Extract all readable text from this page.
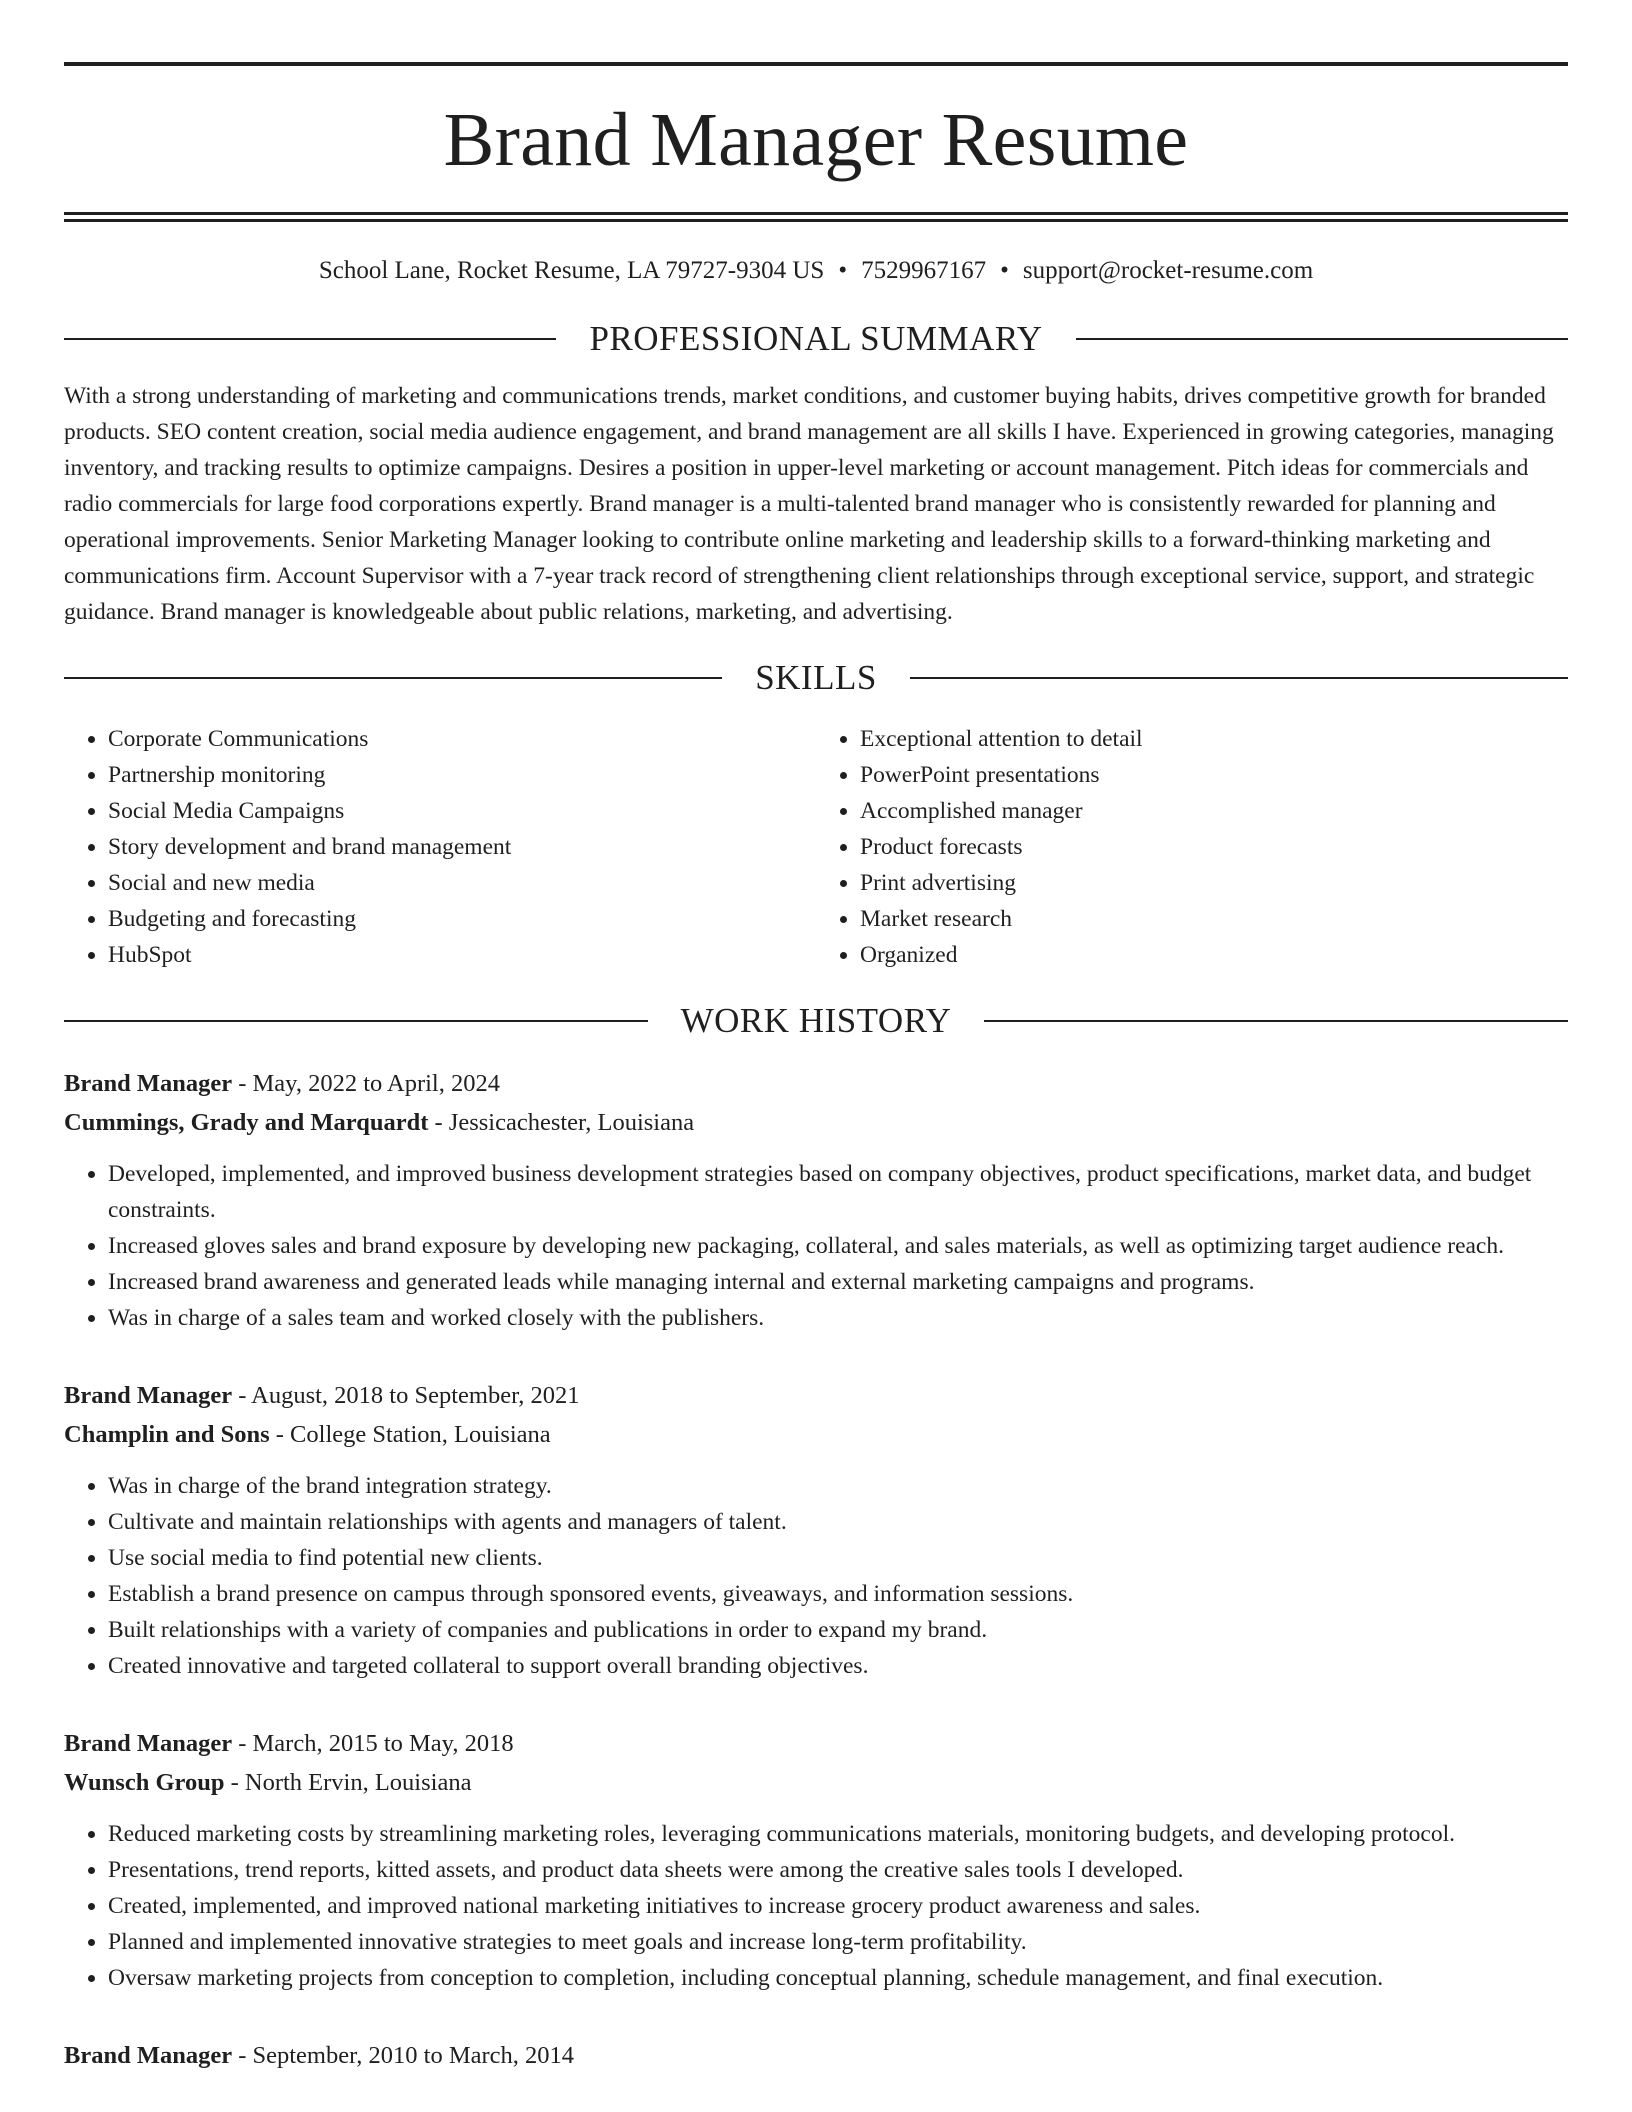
Brand Manager Resume
School Lane, Rocket Resume, LA 79727-9304 US • 7529967167 • support@rocket-resume.com
PROFESSIONAL SUMMARY
With a strong understanding of marketing and communications trends, market conditions, and customer buying habits, drives competitive growth for branded products. SEO content creation, social media audience engagement, and brand management are all skills I have. Experienced in growing categories, managing inventory, and tracking results to optimize campaigns. Desires a position in upper-level marketing or account management. Pitch ideas for commercials and radio commercials for large food corporations expertly. Brand manager is a multi-talented brand manager who is consistently rewarded for planning and operational improvements. Senior Marketing Manager looking to contribute online marketing and leadership skills to a forward-thinking marketing and communications firm. Account Supervisor with a 7-year track record of strengthening client relationships through exceptional service, support, and strategic guidance. Brand manager is knowledgeable about public relations, marketing, and advertising.
SKILLS
• Corporate Communications
• Partnership monitoring
• Social Media Campaigns
• Story development and brand management
• Social and new media
• Budgeting and forecasting
• HubSpot
• Exceptional attention to detail
• PowerPoint presentations
• Accomplished manager
• Product forecasts
• Print advertising
• Market research
• Organized
WORK HISTORY
Brand Manager - May, 2022 to April, 2024
Cummings, Grady and Marquardt - Jessicachester, Louisiana
• Developed, implemented, and improved business development strategies based on company objectives, product specifications, market data, and budget constraints.
• Increased gloves sales and brand exposure by developing new packaging, collateral, and sales materials, as well as optimizing target audience reach.
• Increased brand awareness and generated leads while managing internal and external marketing campaigns and programs.
• Was in charge of a sales team and worked closely with the publishers.
Brand Manager - August, 2018 to September, 2021
Champlin and Sons - College Station, Louisiana
• Was in charge of the brand integration strategy.
• Cultivate and maintain relationships with agents and managers of talent.
• Use social media to find potential new clients.
• Establish a brand presence on campus through sponsored events, giveaways, and information sessions.
• Built relationships with a variety of companies and publications in order to expand my brand.
• Created innovative and targeted collateral to support overall branding objectives.
Brand Manager - March, 2015 to May, 2018
Wunsch Group - North Ervin, Louisiana
• Reduced marketing costs by streamlining marketing roles, leveraging communications materials, monitoring budgets, and developing protocol.
• Presentations, trend reports, kitted assets, and product data sheets were among the creative sales tools I developed.
• Created, implemented, and improved national marketing initiatives to increase grocery product awareness and sales.
• Planned and implemented innovative strategies to meet goals and increase long-term profitability.
• Oversaw marketing projects from conception to completion, including conceptual planning, schedule management, and final execution.
Brand Manager - September, 2010 to March, 2014
